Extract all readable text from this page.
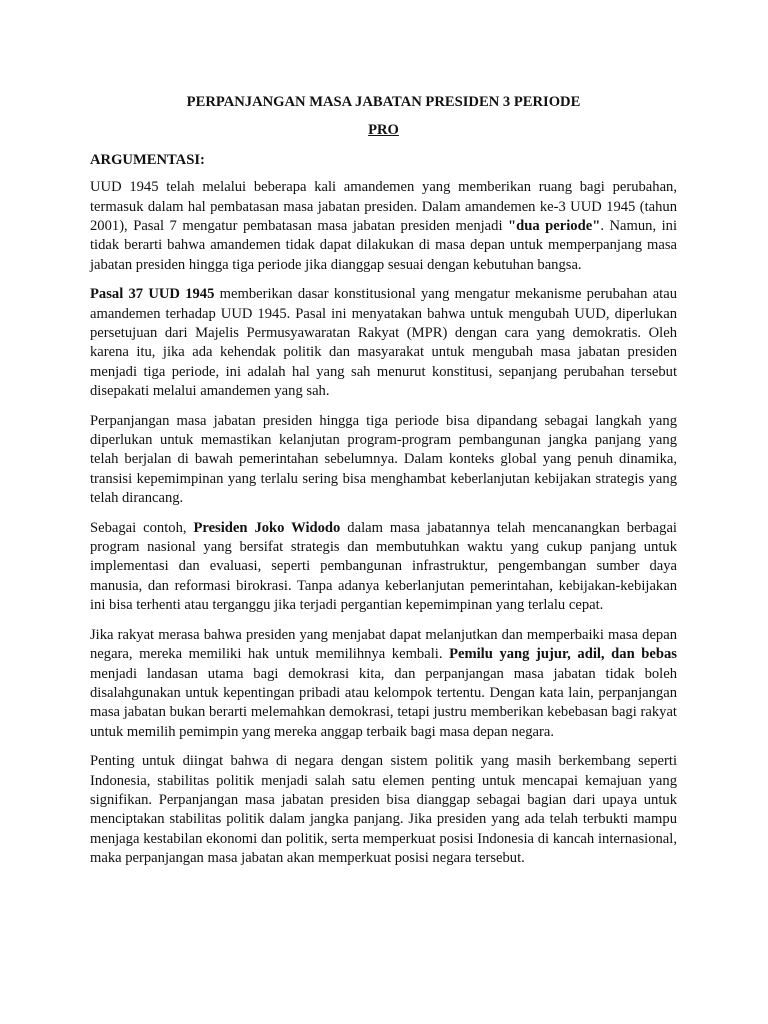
PERPANJANGAN MASA JABATAN PRESIDEN 3 PERIODE
PRO
ARGUMENTASI:

UUD 1945 telah melalui beberapa kali amandemen yang memberikan ruang bagi perubahan, termasuk dalam hal pembatasan masa jabatan presiden. Dalam amandemen ke-3 UUD 1945 (tahun 2001), Pasal 7 mengatur pembatasan masa jabatan presiden menjadi "dua periode". Namun, ini tidak berarti bahwa amandemen tidak dapat dilakukan di masa depan untuk memperpanjang masa jabatan presiden hingga tiga periode jika dianggap sesuai dengan kebutuhan bangsa.

Pasal 37 UUD 1945 memberikan dasar konstitusional yang mengatur mekanisme perubahan atau amandemen terhadap UUD 1945. Pasal ini menyatakan bahwa untuk mengubah UUD, diperlukan persetujuan dari Majelis Permusyawaratan Rakyat (MPR) dengan cara yang demokratis. Oleh karena itu, jika ada kehendak politik dan masyarakat untuk mengubah masa jabatan presiden menjadi tiga periode, ini adalah hal yang sah menurut konstitusi, sepanjang perubahan tersebut disepakati melalui amandemen yang sah.

Perpanjangan masa jabatan presiden hingga tiga periode bisa dipandang sebagai langkah yang diperlukan untuk memastikan kelanjutan program-program pembangunan jangka panjang yang telah berjalan di bawah pemerintahan sebelumnya. Dalam konteks global yang penuh dinamika, transisi kepemimpinan yang terlalu sering bisa menghambat keberlanjutan kebijakan strategis yang telah dirancang.

Sebagai contoh, Presiden Joko Widodo dalam masa jabatannya telah mencanangkan berbagai program nasional yang bersifat strategis dan membutuhkan waktu yang cukup panjang untuk implementasi dan evaluasi, seperti pembangunan infrastruktur, pengembangan sumber daya manusia, dan reformasi birokrasi. Tanpa adanya keberlanjutan pemerintahan, kebijakan-kebijakan ini bisa terhenti atau terganggu jika terjadi pergantian kepemimpinan yang terlalu cepat.

Jika rakyat merasa bahwa presiden yang menjabat dapat melanjutkan dan memperbaiki masa depan negara, mereka memiliki hak untuk memilihnya kembali. Pemilu yang jujur, adil, dan bebas menjadi landasan utama bagi demokrasi kita, dan perpanjangan masa jabatan tidak boleh disalahgunakan untuk kepentingan pribadi atau kelompok tertentu. Dengan kata lain, perpanjangan masa jabatan bukan berarti melemahkan demokrasi, tetapi justru memberikan kebebasan bagi rakyat untuk memilih pemimpin yang mereka anggap terbaik bagi masa depan negara.

Penting untuk diingat bahwa di negara dengan sistem politik yang masih berkembang seperti Indonesia, stabilitas politik menjadi salah satu elemen penting untuk mencapai kemajuan yang signifikan. Perpanjangan masa jabatan presiden bisa dianggap sebagai bagian dari upaya untuk menciptakan stabilitas politik dalam jangka panjang. Jika presiden yang ada telah terbukti mampu menjaga kestabilan ekonomi dan politik, serta memperkuat posisi Indonesia di kancah internasional, maka perpanjangan masa jabatan akan memperkuat posisi negara tersebut.
